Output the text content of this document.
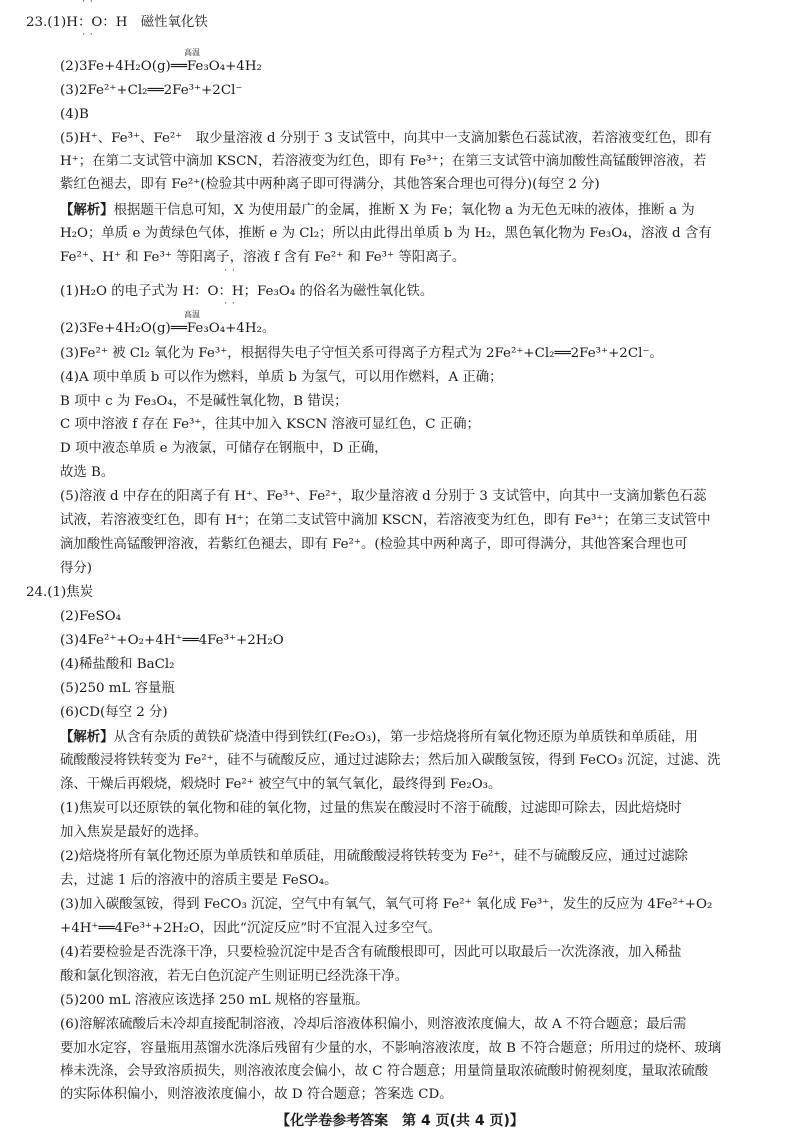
23.(1)H：O：H　磁性氧化铁
· ·
· ·
(2)3Fe+4H₂O(g)══Fe₃O₄+4H₂
高温
(3)2Fe²⁺+Cl₂══2Fe³⁺+2Cl⁻
(4)B
(5)H⁺、Fe³⁺、Fe²⁺　取少量溶液 d 分别于 3 支试管中，向其中一支滴加紫色石蕊试液，若溶液变红色，即有
H⁺；在第二支试管中滴加 KSCN，若溶液变为红色，即有 Fe³⁺；在第三支试管中滴加酸性高锰酸钾溶液，若
紫红色褪去，即有 Fe²⁺(检验其中两种离子即可得满分，其他答案合理也可得分)(每空 2 分)
【解析】根据题干信息可知，X 为使用最广的金属，推断 X 为 Fe；氧化物 a 为无色无味的液体，推断 a 为
H₂O；单质 e 为黄绿色气体，推断 e 为 Cl₂；所以由此得出单质 b 为 H₂，黑色氧化物为 Fe₃O₄，溶液 d 含有
Fe²⁺、H⁺ 和 Fe³⁺ 等阳离子，溶液 f 含有 Fe²⁺ 和 Fe³⁺ 等阳离子。
(1)H₂O 的电子式为 H：O：H；Fe₃O₄ 的俗名为磁性氧化铁。
· ·
· ·
(2)3Fe+4H₂O(g)══Fe₃O₄+4H₂。
高温
(3)Fe²⁺ 被 Cl₂ 氧化为 Fe³⁺，根据得失电子守恒关系可得离子方程式为 2Fe²⁺+Cl₂══2Fe³⁺+2Cl⁻。
(4)A 项中单质 b 可以作为燃料，单质 b 为氢气，可以用作燃料，A 正确；
B 项中 c 为 Fe₃O₄，不是碱性氧化物，B 错误；
C 项中溶液 f 存在 Fe³⁺，往其中加入 KSCN 溶液可显红色，C 正确；
D 项中液态单质 e 为液氯，可储存在钢瓶中，D 正确，
故选 B。
(5)溶液 d 中存在的阳离子有 H⁺、Fe³⁺、Fe²⁺，取少量溶液 d 分别于 3 支试管中，向其中一支滴加紫色石蕊
试液，若溶液变红色，即有 H⁺；在第二支试管中滴加 KSCN，若溶液变为红色，即有 Fe³⁺；在第三支试管中
滴加酸性高锰酸钾溶液，若紫红色褪去，即有 Fe²⁺。(检验其中两种离子，即可得满分，其他答案合理也可
得分)
24.(1)焦炭
(2)FeSO₄
(3)4Fe²⁺+O₂+4H⁺══4Fe³⁺+2H₂O
(4)稀盐酸和 BaCl₂
(5)250 mL 容量瓶
(6)CD(每空 2 分)
【解析】从含有杂质的黄铁矿烧渣中得到铁红(Fe₂O₃)，第一步焙烧将所有氧化物还原为单质铁和单质硅，用
硫酸酸浸将铁转变为 Fe²⁺，硅不与硫酸反应，通过过滤除去；然后加入碳酸氢铵，得到 FeCO₃ 沉淀，过滤、洗
涤、干燥后再煅烧，煅烧时 Fe²⁺ 被空气中的氧气氧化，最终得到 Fe₂O₃。
(1)焦炭可以还原铁的氧化物和硅的氧化物，过量的焦炭在酸浸时不溶于硫酸，过滤即可除去，因此焙烧时
加入焦炭是最好的选择。
(2)焙烧将所有氧化物还原为单质铁和单质硅，用硫酸酸浸将铁转变为 Fe²⁺，硅不与硫酸反应，通过过滤除
去，过滤 1 后的溶液中的溶质主要是 FeSO₄。
(3)加入碳酸氢铵，得到 FeCO₃ 沉淀，空气中有氧气，氧气可将 Fe²⁺ 氧化成 Fe³⁺，发生的反应为 4Fe²⁺+O₂
+4H⁺══4Fe³⁺+2H₂O，因此“沉淀反应”时不宜混入过多空气。
(4)若要检验是否洗涤干净，只要检验沉淀中是否含有硫酸根即可，因此可以取最后一次洗涤液，加入稀盐
酸和氯化钡溶液，若无白色沉淀产生则证明已经洗涤干净。
(5)200 mL 溶液应该选择 250 mL 规格的容量瓶。
(6)溶解浓硫酸后未冷却直接配制溶液，冷却后溶液体积偏小，则溶液浓度偏大，故 A 不符合题意；最后需
要加水定容，容量瓶用蒸馏水洗涤后残留有少量的水，不影响溶液浓度，故 B 不符合题意；所用过的烧杯、玻璃
棒未洗涤，会导致溶质损失，则溶液浓度会偏小，故 C 符合题意；用量筒量取浓硫酸时俯视刻度，量取浓硫酸
的实际体积偏小，则溶液浓度偏小，故 D 符合题意；答案选 CD。
【化学卷参考答案　第 4 页(共 4 页)】
